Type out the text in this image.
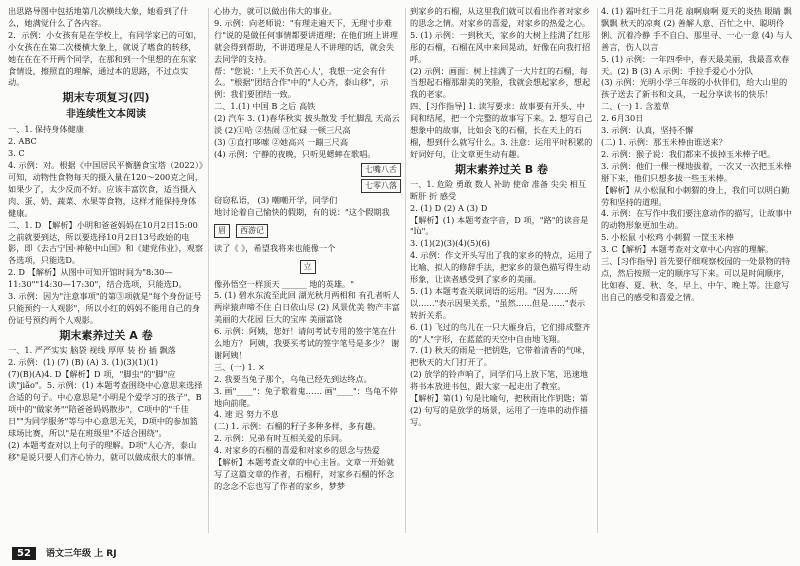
出思路导图中包括地第几次横线大象，她看到了什么，她满觉什么了各内容。

2．示例：小女孩有是在学校上，有同学家已的可如，小女孩在在第二次楼横大象上，就说了嗜食的转移，她在在在不开两个同学，在那和到一个里想的在东家食情设，擦照直的理解，通过本的思路，不过点实动。

期末专项复习(四)
非连续性文本阅读

一、1. 保持身体健康

2. ABC

3. C

4. 示例：对。根据《中国居民平衡膳食宝塔（2022）》可知，动物性食物每天的摄入量在120～200克之间，如果少了，太少反而不好。应该丰富饮食，适当摄入肉、蛋、奶、蔬菜、水果等食物，这样才能保持身体健康。

二、1. D 【解析】小明和爸爸妈妈在10月2日15:00之前就要到达，所以要选择10月2日13号政始的电影，即《去古宁国·神秘中山国》和《建党伟业》，观察各选项，只能选D。

2. D 【解析】从图中可知开馆时间为"8:30—11:30""14:30—17:30"，结合选项，只能选D。

3. 示例：因为"注意事项"的第③项就是"每个身份证号只能预约一人观影"，所以小红的妈妈不能用自己的身份证号预约两个人观影。

期末素养过关 A 卷

一、1. 严严实实 脑袋 视线 厚厚 装 扮 插 飘落

2. 示例：(1) (7) (B) (A) 3. (1)(3)(1)(1)

(7)(B)(A)4. D【解析】D 项，"脚虫"的"脚"应读"jiǎo"。5. 示例：(1) 本题考查围绕中心意思来选择合适的句子。中心意思是"小明是个爱学习的孩子"，B项中的"做家务""陪爸爸妈妈散步"，C项中的"千佳日""为同学服务"等与中心意思无关，D项中的参加篮球场比赛，所以"是在班级里"不适合围绕"。

(2) 本题考查对以上句子的理解。D项"人心齐，泰山移"是说只要人们齐心协力，就可以做成很大的事情。

心协力，就可以做出伟大的事业。

9. 示例：向老师说："有理走遍天下，无理寸步难行"说的是做任何事情都要讲道理；在他们班上讲理就会得到帮助，不讲道理是人不讲理的话，就会失去同学的支持。

帮："您说：'上天不负苦心人'，我想一定会有什么。"根据"团结合作"中的"人心齐，泰山移"，示例：我们要团结一致。

二、1.(1) 中国 B 之后 高铁

(2) 汽车 3. (1)春华秋实 披头散发 手忙脚乱 天高云淡 (2)①哈 ②热闹 ③忙碌 一顿三尺高

(3) ①直打哆嗦 ②她高兴 一蹦三尺高

(4) 示例：宁静的夜晚，只听见蟋蟀在歌唱。

七嘴八舌
七零八落

窃窃私语， (3) 嘲嘲开学，同学们

地讨论着自己愉快的假期，有的说："这个假期我

眉	西游记

读了《 》，希望我将来也能像一个

立

像孙悟空一样顶天 ______ 地的英雄。"

5. (1) 碧水东流至此回 湖光秋月两相和 有孔者听人 两岸猿声啼不住 白日依山尽 (2) 风景优美 物产丰富 美丽的大花园 巨大的宝库 美丽富饶

6. 示例：阿姨，您好！请问考试专用的签字笔在什么地方？ 阿姨，我要买考试的签字笔号是多少？ 谢谢阿姨！

三、(一) 1. ×

2. 我要当兔子那个，乌龟已经先到达终点。

3. 画"____"：兔子歌着鬼…… 画"____"：鸟龟不停地向前爬。

4. 速 迟 努力不息

(二) 1. 示例：石榴的籽子多种多样，多有趣。

2. 示例：兄弟有时互相关爱的乐同。

4. 对家乡的石榴的喜爱和对家乡的思念与热爱

【解析】本题考查文章的中心主旨。文章一开始就写了这篇文章的作者，石榴籽，对家乡石榴的怀念的念念不忘也写了作者的家乡，梦梦

到家乡的石榴，从这里我们就可以看出作者对家乡的思念之情。对家乡的喜爱，对家乡的热爱之心。

5. (1) 示例：一到秋天，家乡的大树上挂满了红彤彤的石榴，石榴在风中来回晃动，好像在向我打招呼。

(2) 示例：画面：树上挂满了一大片红的石榴，每当想起石榴那甜美的笑脸，我就会想起家乡，想起我的老家。

四、[习作指导] 1. 读写要求：故事要有开头、中间和结尾，把一个完整的故事写下来。2. 想写自己想象中的故事，比如会飞的石榴，长在天上的石榴，想到什么就写什么。3. 注意：运用平时积累的好词好句，让文章更生动有趣。

期末素养过关 B 卷

一、1. 危险 勇敢 数人 补助 使命 准备 尖尖 相互 断肝 折 感受

2. (1) D (2) A (3) D

【解析】(1) 本题考查字音，D 项，"路"的读音是 "lù"。

3. (1)(2)(3)(4)(5)(6)

4. 示例：作文开头写出了我的家乡的特点，运用了比喻、拟人的修辞手法，把家乡的景色描写得生动形象，让读者感受到了家乡的美丽。

5. (1) 本题考查关联词语的运用。"因为……所以……"表示因果关系，"虽然……但是……"表示转折关系。

6. (1) 飞过的鸟儿在一只大雁身后，它们排成整齐的"人"字形，在蓝蓝的天空中自由地飞翔。

7. (1) 秋天的雨是一把钥匙，它带着清香的气味，把秋天的大门打开了。

(2) 放学的铃声响了，同学们马上放下笔，迅速地将书本放进书包，跟大家一起走出了教室。

【解析】第(1) 句是比喻句，把秋雨比作钥匙；第(2) 句写的是放学的场景，运用了一连串的动作描写。

4. (1) 霜叶红于二月花 扇啊扇啊 夏天的炎热 眼睛 飘飘飘 秋天的凉爽 (2) 善解人意、百忙之中、聪明伶俐、沉着冷静 手不自白、那里寻、一心一意 (4) 与人善言，伤人以言

5. (1) 示例：一年四季中，春天最美丽，我最喜欢春天。(2) B (3) A 示例：手拉手爱心小分队

(3) 示例：光明小学三年级的小伙伴们，给大山里的孩子送去了新书和文具，一起分享读书的快乐！

二、(一) 1. 含羞草

2. 6月30日

3. 示例：认真，坚持不懈

(二) 1. 示例：那玉米棒由谁送来？

2. 示例：猴子说：我们都来不拔掉玉米棒子吧。

3. 示例：他们一棵一棵地拔着，一次又一次把玉米棒掰下来，他们只想多拔一些玉米棒。

【解析】从小松鼠和小刺猬的身上，我们可以明白勤劳和坚持的道理。

4. 示例：在写作中我们要注意动作的描写，让故事中的动物形象更加生动。

5. 小松鼠 小松鸡 小刺猬 一筐玉米棒

3. C【解析】本题考查对文章中心内容的理解。

三、[习作指导] 首先要仔细观察校园的一处景物的特点，然后按照一定的顺序写下来。可以是时间顺序，比如春、夏、秋、冬，早上、中午、晚上等。注意写出自己的感受和喜爱之情。

52	语文三年级 上 RJ
